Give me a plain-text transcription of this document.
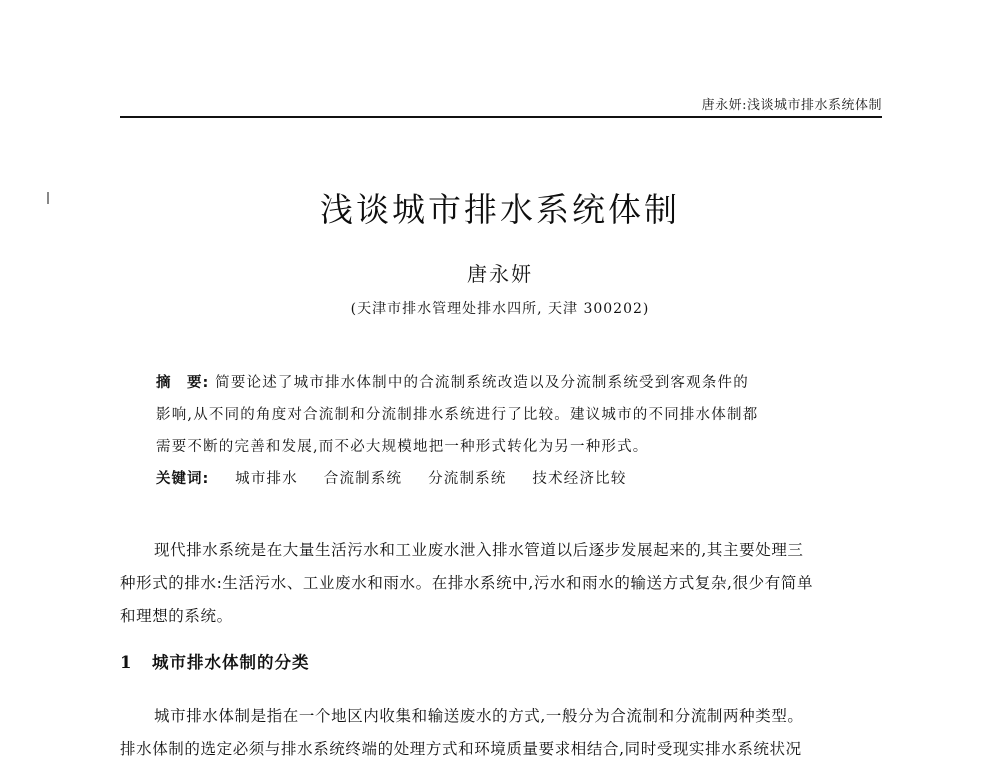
唐永妍:浅谈城市排水系统体制
浅谈城市排水系统体制
唐永妍
(天津市排水管理处排水四所, 天津 300202)
摘　要: 简要论述了城市排水体制中的合流制系统改造以及分流制系统受到客观条件的
影响,从不同的角度对合流制和分流制排水系统进行了比较。建议城市的不同排水体制都
需要不断的完善和发展,而不必大规模地把一种形式转化为另一种形式。
关键词: 城市排水 合流制系统 分流制系统 技术经济比较
现代排水系统是在大量生活污水和工业废水泄入排水管道以后逐步发展起来的,其主要处理三
种形式的排水:生活污水、工业废水和雨水。在排水系统中,污水和雨水的输送方式复杂,很少有简单
和理想的系统。
1 城市排水体制的分类
城市排水体制是指在一个地区内收集和输送废水的方式,一般分为合流制和分流制两种类型。
排水体制的选定必须与排水系统终端的处理方式和环境质量要求相结合,同时受现实排水系统状况
